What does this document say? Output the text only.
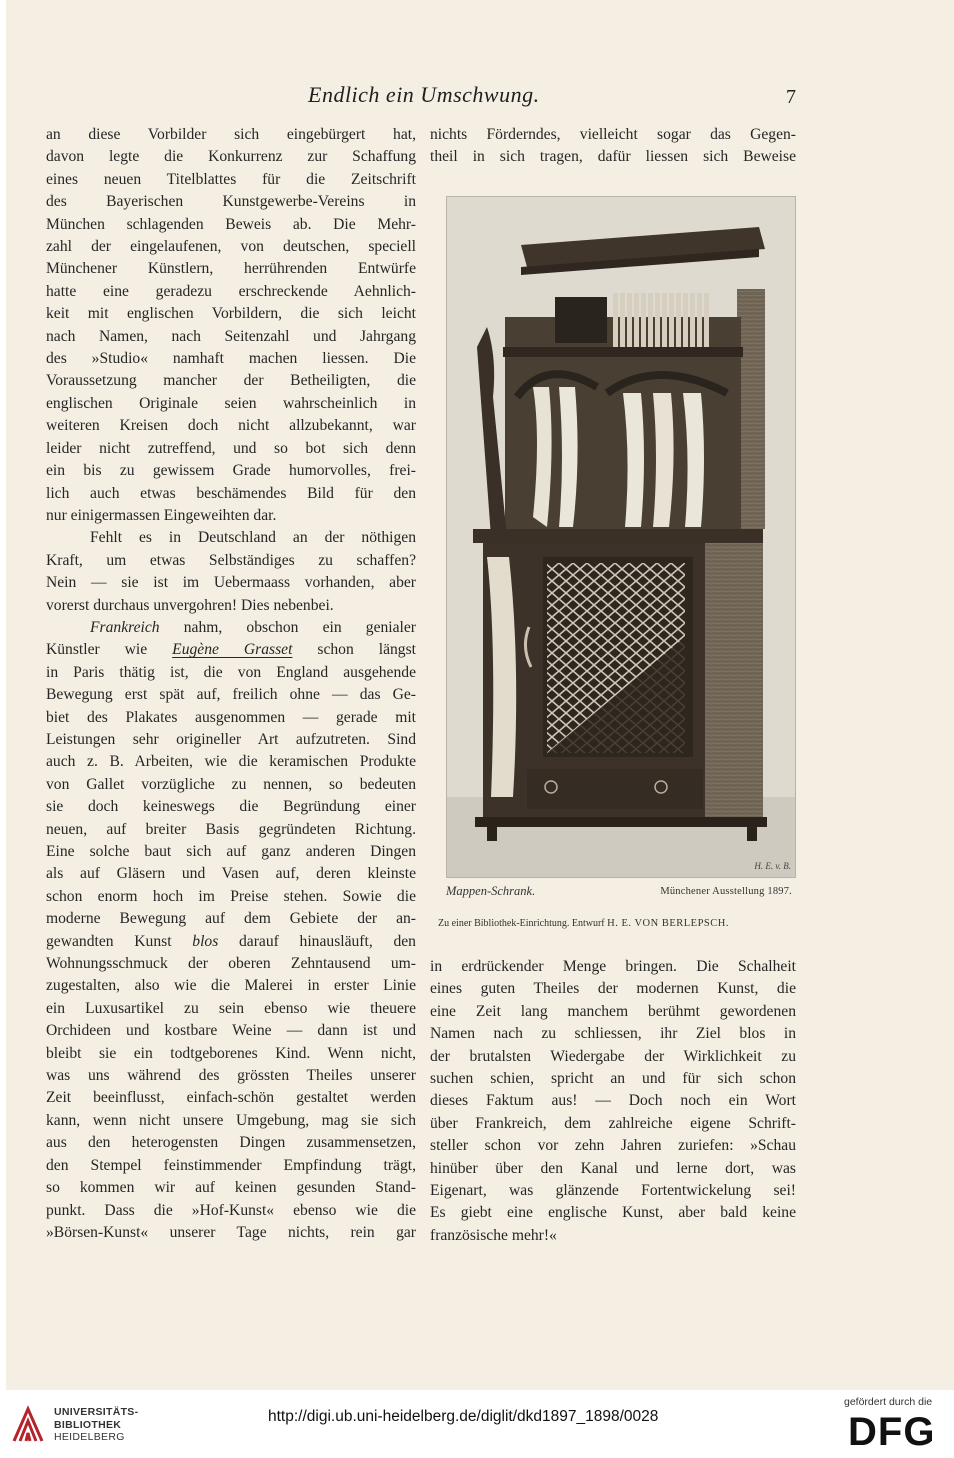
Endlich ein Umschwung.	7

an diese Vorbilder sich eingebürgert hat,

davon legte die Konkurrenz zur Schaffung

eines neuen Titelblattes für die Zeitschrift

des Bayerischen Kunstgewerbe-Vereins in

München schlagenden Beweis ab. Die Mehr-

zahl der eingelaufenen, von deutschen, speciell

Münchener Künstlern, herrührenden Entwürfe

hatte eine geradezu erschreckende Aehnlich-

keit mit englischen Vorbildern, die sich leicht

nach Namen, nach Seitenzahl und Jahrgang

des »Studio« namhaft machen liessen. Die

Voraussetzung mancher der Betheiligten, die

englischen Originale seien wahrscheinlich in

weiteren Kreisen doch nicht allzubekannt, war

leider nicht zutreffend, und so bot sich denn

ein bis zu gewissem Grade humorvolles, frei-

lich auch etwas beschämendes Bild für den

nur einigermassen Eingeweihten dar.

Fehlt es in Deutschland an der nöthigen

Kraft, um etwas Selbständiges zu schaffen?

Nein — sie ist im Uebermaass vorhanden, aber

vorerst durchaus unvergohren! Dies nebenbei.

Frankreich nahm, obschon ein genialer

Künstler wie Eugène Grasset schon längst

in Paris thätig ist, die von England ausgehende

Bewegung erst spät auf, freilich ohne — das Ge-

biet des Plakates ausgenommen — gerade mit

Leistungen sehr origineller Art aufzutreten. Sind

auch z. B. Arbeiten, wie die keramischen Produkte

von Gallet vorzügliche zu nennen, so bedeuten

sie doch keineswegs die Begründung einer

neuen, auf breiter Basis gegründeten Richtung.

Eine solche baut sich auf ganz anderen Dingen

als auf Gläsern und Vasen auf, deren kleinste

schon enorm hoch im Preise stehen. Sowie die

moderne Bewegung auf dem Gebiete der an-

gewandten Kunst blos darauf hinausläuft, den

Wohnungsschmuck der oberen Zehntausend um-

zugestalten, also wie die Malerei in erster Linie

ein Luxusartikel zu sein ebenso wie theuere

Orchideen und kostbare Weine — dann ist und

bleibt sie ein todtgeborenes Kind. Wenn nicht,

was uns während des grössten Theiles unserer

Zeit beeinflusst, einfach-schön gestaltet werden

kann, wenn nicht unsere Umgebung, mag sie sich

aus den heterogensten Dingen zusammensetzen,

den Stempel feinstimmender Empfindung trägt,

so kommen wir auf keinen gesunden Stand-

punkt. Dass die »Hof-Kunst« ebenso wie die

»Börsen-Kunst« unserer Tage nichts, rein gar

nichts Förderndes, vielleicht sogar das Gegen-

theil in sich tragen, dafür liessen sich Beweise

H. E. v. B.
Mappen-Schrank.	Münchener Ausstellung 1897.
Zu einer Bibliothek-Einrichtung. Entwurf H. E. VON BERLEPSCH.

in erdrückender Menge bringen. Die Schalheit

eines guten Theiles der modernen Kunst, die

eine Zeit lang manchem berühmt gewordenen

Namen nach zu schliessen, ihr Ziel blos in

der brutalsten Wiedergabe der Wirklichkeit zu

suchen schien, spricht an und für sich schon

dieses Faktum aus! — Doch noch ein Wort

über Frankreich, dem zahlreiche eigene Schrift-

steller schon vor zehn Jahren zuriefen: »Schau

hinüber über den Kanal und lerne dort, was

Eigenart, was glänzende Fortentwickelung sei!

Es giebt eine englische Kunst, aber bald keine

französische mehr!«

UNIVERSITÄTS-
BIBLIOTHEK
HEIDELBERG
http://digi.ub.uni-heidelberg.de/diglit/dkd1897_1898/0028
gefördert durch die
DFG
